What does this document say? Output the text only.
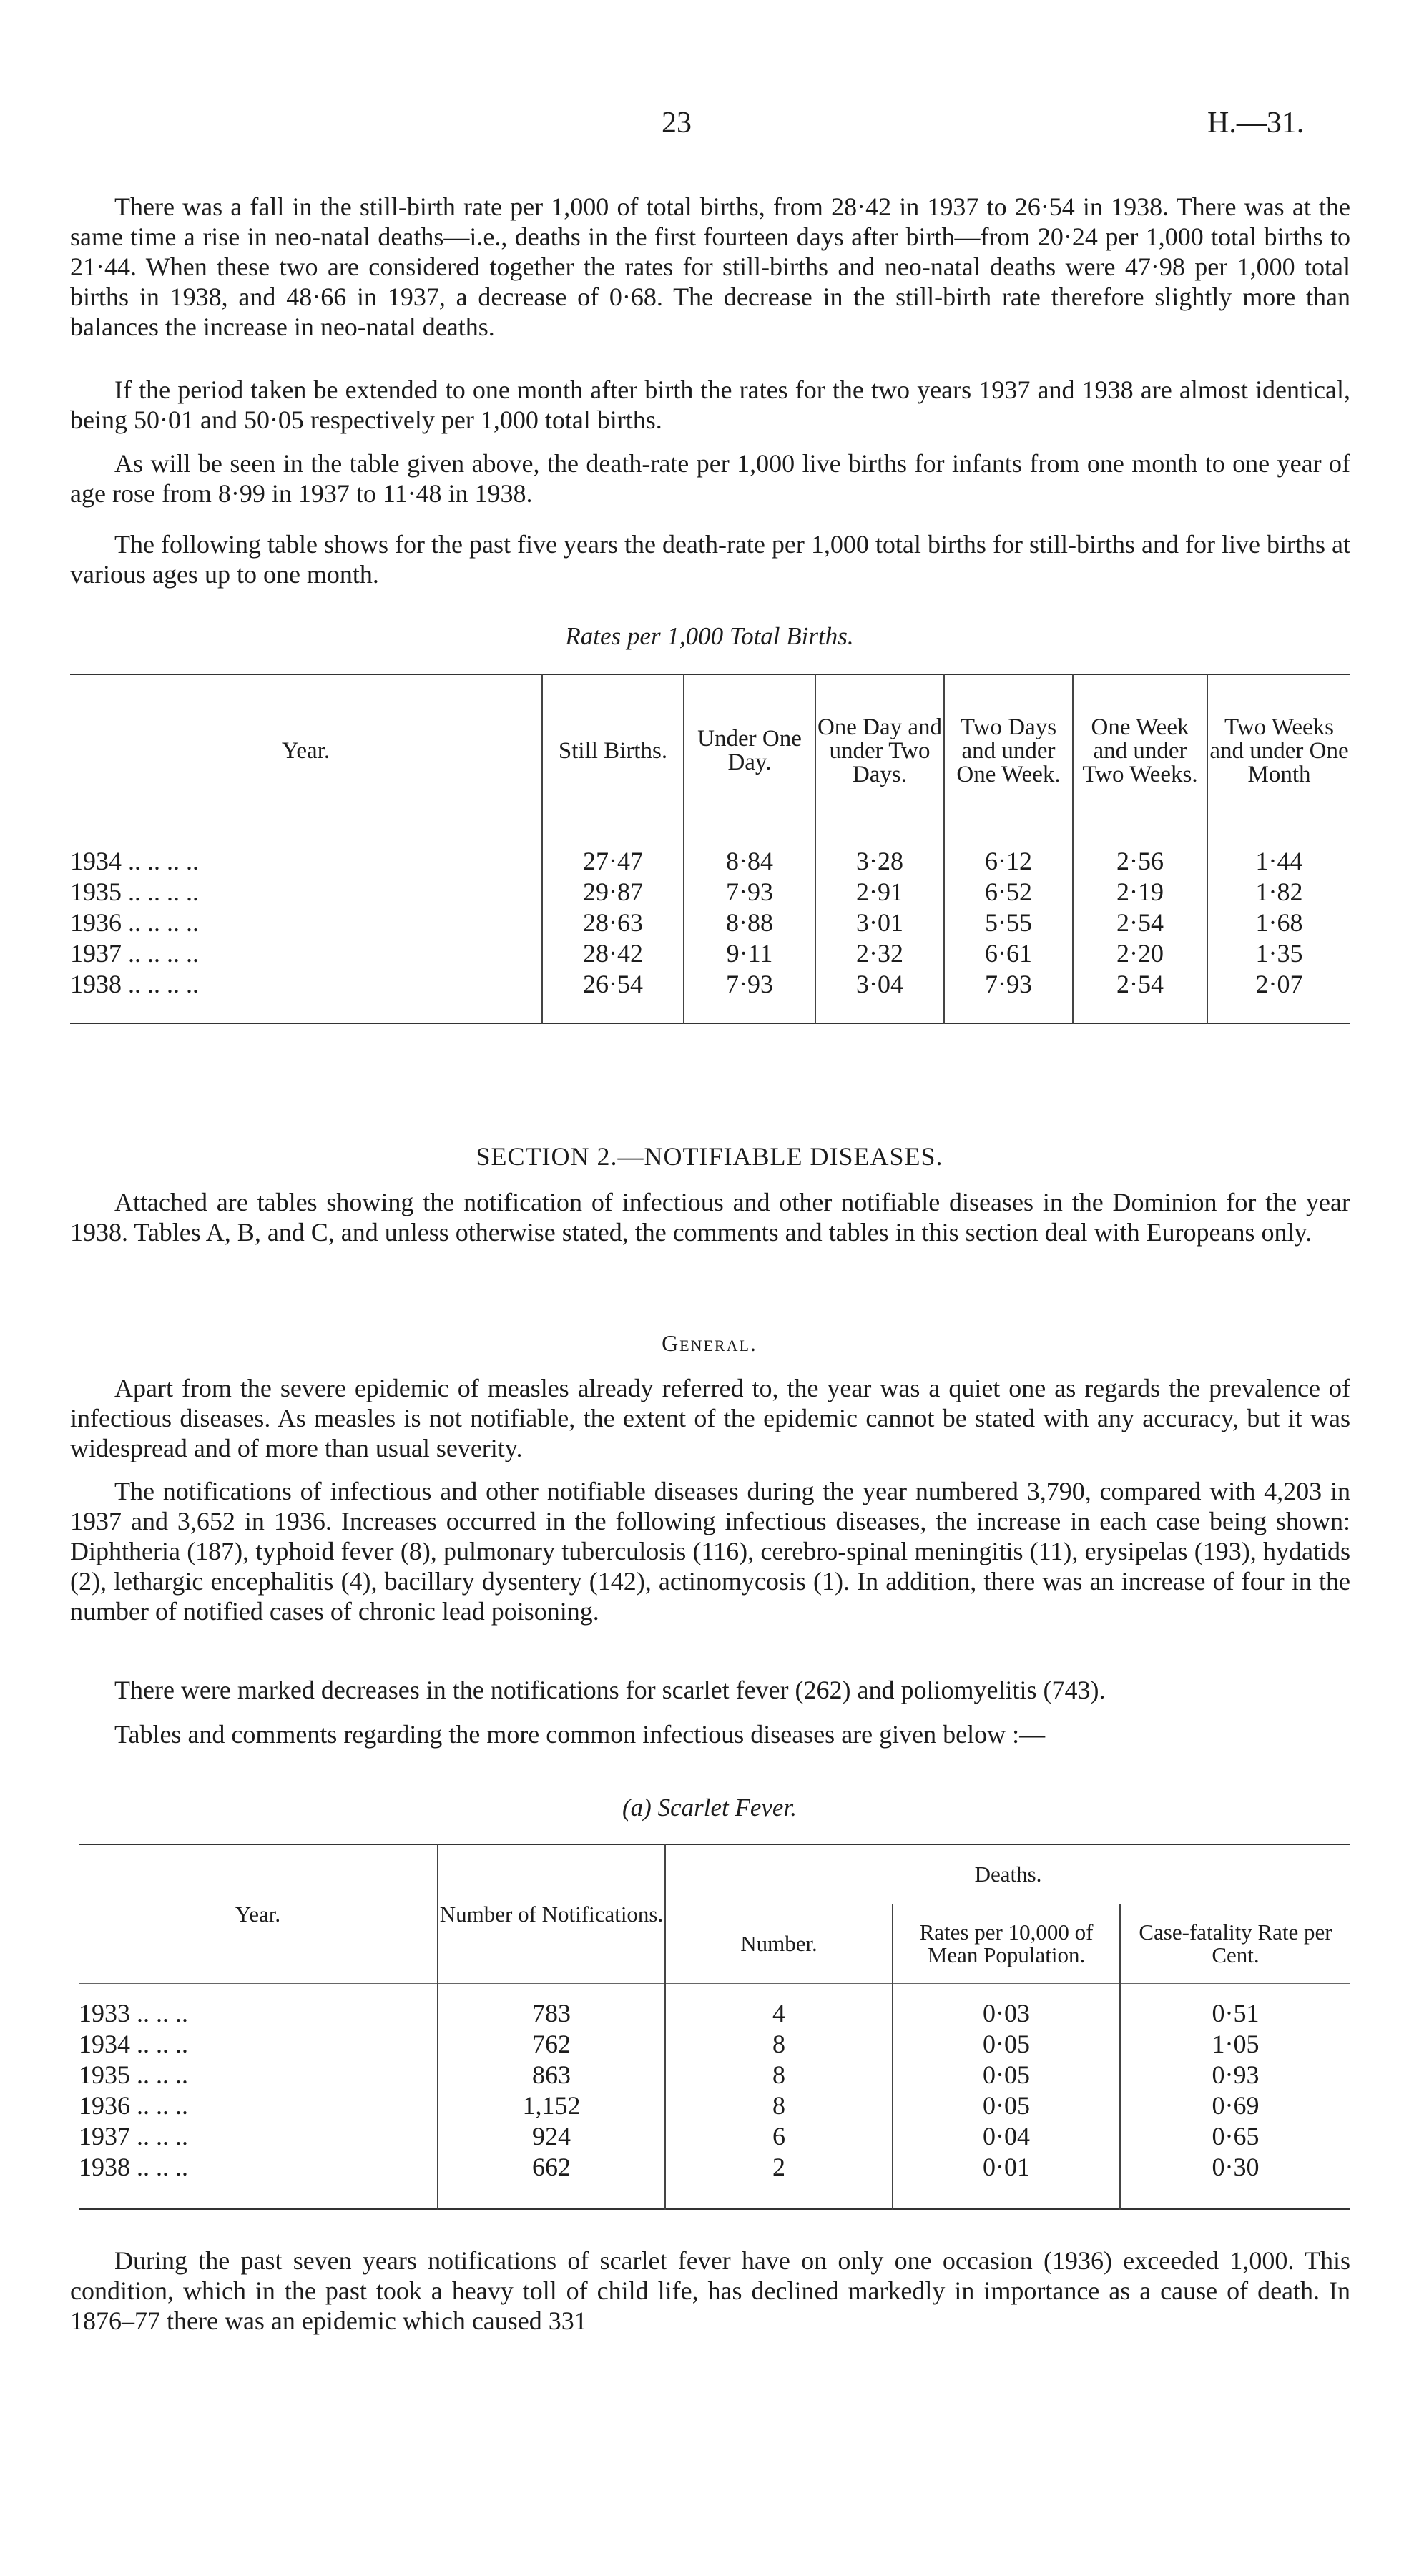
23	H.—31.

There was a fall in the still-birth rate per 1,000 of total births, from 28·42 in 1937 to 26·54 in 1938. There was at the same time a rise in neo-natal deaths—i.e., deaths in the first fourteen days after birth—from 20·24 per 1,000 total births to 21·44. When these two are considered together the rates for still-births and neo-natal deaths were 47·98 per 1,000 total births in 1938, and 48·66 in 1937, a decrease of 0·68. The decrease in the still-birth rate therefore slightly more than balances the increase in neo-natal deaths.

If the period taken be extended to one month after birth the rates for the two years 1937 and 1938 are almost identical, being 50·01 and 50·05 respectively per 1,000 total births.

As will be seen in the table given above, the death-rate per 1,000 live births for infants from one month to one year of age rose from 8·99 in 1937 to 11·48 in 1938.

The following table shows for the past five years the death-rate per 1,000 total births for still-births and for live births at various ages up to one month.

Rates per 1,000 Total Births.

Year.	Still Births.	Under One Day.	One Day and under Two Days.	Two Days and under One Week.	One Week and under Two Weeks.	Two Weeks and under One Month
1934 .. .. .. ..	27·47	8·84	3·28	6·12	2·56	1·44
1935 .. .. .. ..	29·87	7·93	2·91	6·52	2·19	1·82
1936 .. .. .. ..	28·63	8·88	3·01	5·55	2·54	1·68
1937 .. .. .. ..	28·42	9·11	2·32	6·61	2·20	1·35
1938 .. .. .. ..	26·54	7·93	3·04	7·93	2·54	2·07

SECTION 2.—NOTIFIABLE DISEASES.

Attached are tables showing the notification of infectious and other notifiable diseases in the Dominion for the year 1938. Tables A, B, and C, and unless otherwise stated, the comments and tables in this section deal with Europeans only.

General.

Apart from the severe epidemic of measles already referred to, the year was a quiet one as regards the prevalence of infectious diseases. As measles is not notifiable, the extent of the epidemic cannot be stated with any accuracy, but it was widespread and of more than usual severity.

The notifications of infectious and other notifiable diseases during the year numbered 3,790, compared with 4,203 in 1937 and 3,652 in 1936. Increases occurred in the following infectious diseases, the increase in each case being shown: Diphtheria (187), typhoid fever (8), pulmonary tuberculosis (116), cerebro-spinal meningitis (11), erysipelas (193), hydatids (2), lethargic encephalitis (4), bacillary dysentery (142), actinomycosis (1). In addition, there was an increase of four in the number of notified cases of chronic lead poisoning.

There were marked decreases in the notifications for scarlet fever (262) and poliomyelitis (743).

Tables and comments regarding the more common infectious diseases are given below :—

(a) Scarlet Fever.

Year.	Number of Notifications.	Deaths.		
		Number.	Rates per 10,000 of Mean Population.	Case-fatality Rate per Cent.
1933 .. .. ..	783	4	0·03	0·51
1934 .. .. ..	762	8	0·05	1·05
1935 .. .. ..	863	8	0·05	0·93
1936 .. .. ..	1,152	8	0·05	0·69
1937 .. .. ..	924	6	0·04	0·65
1938 .. .. ..	662	2	0·01	0·30

During the past seven years notifications of scarlet fever have on only one occasion (1936) exceeded 1,000. This condition, which in the past took a heavy toll of child life, has declined markedly in importance as a cause of death. In 1876–77 there was an epidemic which caused 331
